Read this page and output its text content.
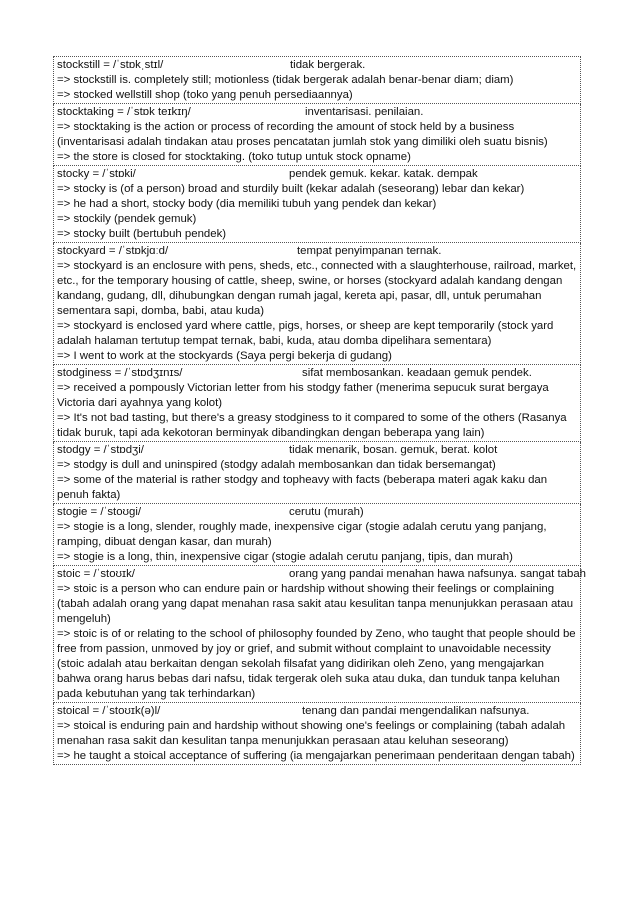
stockstill = /ˈstɒkˌstɪl/	tidak bergerak.

=> stockstill is. completely still; motionless (tidak bergerak adalah benar-benar diam; diam)

=> stocked wellstill shop (toko yang penuh persediaannya)

stocktaking = /ˈstɒk teɪkɪŋ/	inventarisasi. penilaian.

=> stocktaking is the action or process of recording the amount of stock held by a business (inventarisasi adalah tindakan atau proses pencatatan jumlah stok yang dimiliki oleh suatu bisnis)

=> the store is closed for stocktaking. (toko tutup untuk stock opname)

stocky = /ˈstɒki/	pendek gemuk. kekar. katak. dempak

=> stocky is (of a person) broad and sturdily built (kekar adalah (seseorang) lebar dan kekar)

=> he had a short, stocky body (dia memiliki tubuh yang pendek dan kekar)

=> stockily (pendek gemuk)

=> stocky built (bertubuh pendek)

stockyard = /ˈstɒkjɑːd/	tempat penyimpanan ternak.

=> stockyard is an enclosure with pens, sheds, etc., connected with a slaughterhouse, railroad, market, etc., for the temporary housing of cattle, sheep, swine, or horses (stockyard adalah kandang dengan kandang, gudang, dll, dihubungkan dengan rumah jagal, kereta api, pasar, dll, untuk perumahan sementara sapi, domba, babi, atau kuda)

=> stockyard is enclosed yard where cattle, pigs, horses, or sheep are kept temporarily (stock yard adalah halaman tertutup tempat ternak, babi, kuda, atau domba dipelihara sementara)

=> I went to work at the stockyards (Saya pergi bekerja di gudang)

stodginess = /ˈstɒdʒɪnɪs/	sifat membosankan. keadaan gemuk pendek.

=> received a pompously Victorian letter from his stodgy father (menerima sepucuk surat bergaya Victoria dari ayahnya yang kolot)

=> It's not bad tasting, but there's a greasy stodginess to it compared to some of the others (Rasanya tidak buruk, tapi ada kekotoran berminyak dibandingkan dengan beberapa yang lain)

stodgy = /ˈstɒdʒi/	tidak menarik, bosan. gemuk, berat. kolot

=> stodgy is dull and uninspired (stodgy adalah membosankan dan tidak bersemangat)

=> some of the material is rather stodgy and topheavy with facts (beberapa materi agak kaku dan penuh fakta)

stogie = /ˈstoʊgi/	cerutu (murah)

=> stogie is a long, slender, roughly made, inexpensive cigar (stogie adalah cerutu yang panjang, ramping, dibuat dengan kasar, dan murah)

=> stogie is a long, thin, inexpensive cigar (stogie adalah cerutu panjang, tipis, dan murah)

stoic = /ˈstoʊɪk/	orang yang pandai menahan hawa nafsunya. sangat tabah

=> stoic is a person who can endure pain or hardship without showing their feelings or complaining (tabah adalah orang yang dapat menahan rasa sakit atau kesulitan tanpa menunjukkan perasaan atau mengeluh)

=> stoic is of or relating to the school of philosophy founded by Zeno, who taught that people should be free from passion, unmoved by joy or grief, and submit without complaint to unavoidable necessity (stoic adalah atau berkaitan dengan sekolah filsafat yang didirikan oleh Zeno, yang mengajarkan bahwa orang harus bebas dari nafsu, tidak tergerak oleh suka atau duka, dan tunduk tanpa keluhan pada kebutuhan yang tak terhindarkan)

stoical = /ˈstoʊɪk(ə)l/	tenang dan pandai mengendalikan nafsunya.

=> stoical is enduring pain and hardship without showing one's feelings or complaining (tabah adalah menahan rasa sakit dan kesulitan tanpa menunjukkan perasaan atau keluhan seseorang)

=> he taught a stoical acceptance of suffering (ia mengajarkan penerimaan penderitaan dengan tabah)
